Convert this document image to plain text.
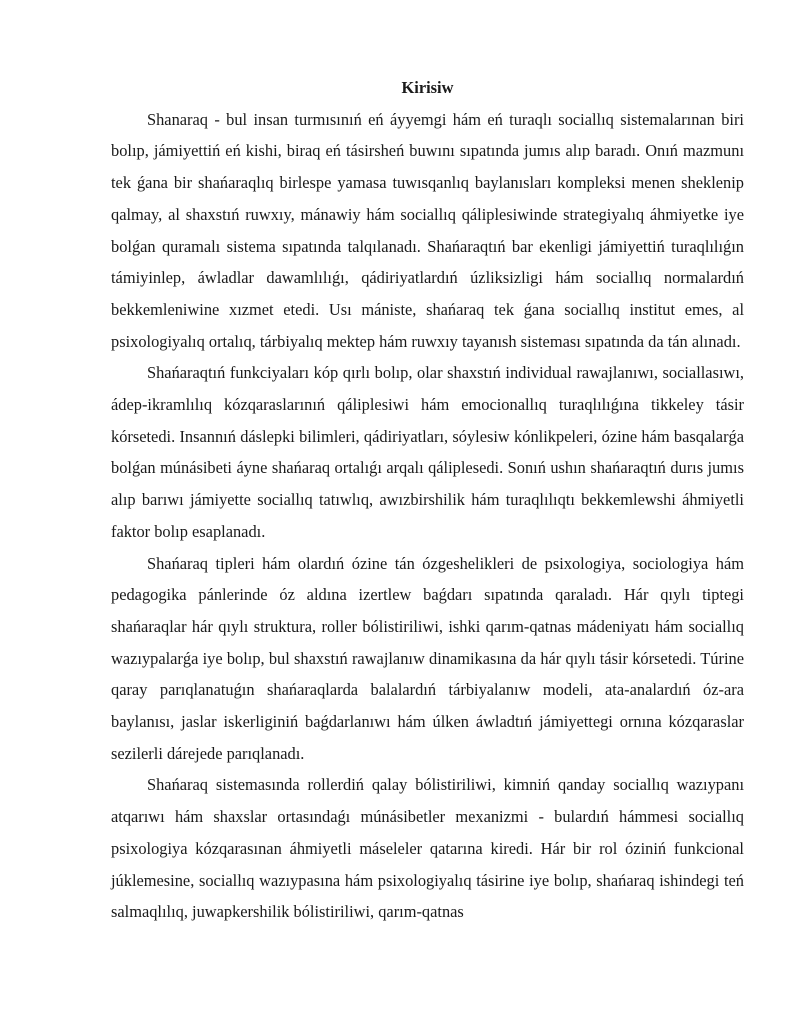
Kirisiw

Shanaraq - bul insan turmısınıń eń áyyemgi hám eń turaqlı sociallıq sistemalarınan biri bolıp, jámiyettiń eń kishi, biraq eń tásirsheń buwını sıpatında jumıs alıp baradı. Onıń mazmunı tek ǵana bir shańaraqlıq birlespe yamasa tuwısqanlıq baylanısları kompleksi menen sheklenip qalmay, al shaxstıń ruwxıy, mánawiy hám sociallıq qáliplesiwinde strategiyalıq áhmiyetke iye bolǵan quramalı sistema sıpatında talqılanadı. Shańaraqtıń bar ekenligi jámiyettiń turaqlılıǵın támiyinlep, áwladlar dawamlılıǵı, qádiriyatlardıń úzliksizligi hám sociallıq normalardıń bekkemleniwine xızmet etedi. Usı mániste, shańaraq tek ǵana sociallıq institut emes, al psixologiyalıq ortalıq, tárbiyalıq mektep hám ruwxıy tayanısh sisteması sıpatında da tán alınadı.

Shańaraqtıń funkciyaları kóp qırlı bolıp, olar shaxstıń individual rawajlanıwı, sociallasıwı, ádep-ikramlılıq kózqaraslarınıń qáliplesiwi hám emocionallıq turaqlılıǵına tikkeley tásir kórsetedi. Insannıń dáslepki bilimleri, qádiriyatları, sóylesiw kónlikpeleri, ózine hám basqalarǵa bolǵan múnásibeti áyne shańaraq ortalıǵı arqalı qáliplesedi. Sonıń ushın shańaraqtıń durıs jumıs alıp barıwı jámiyette sociallıq tatıwlıq, awızbirshilik hám turaqlılıqtı bekkemlewshi áhmiyetli faktor bolıp esaplanadı.

Shańaraq tipleri hám olardıń ózine tán ózgeshelikleri de psixologiya, sociologiya hám pedagogika pánlerinde óz aldına izertlew baǵdarı sıpatında qaraladı. Hár qıylı tiptegi shańaraqlar hár qıylı struktura, roller bólistiriliwi, ishki qarım-qatnas mádeniyatı hám sociallıq wazıypalarǵa iye bolıp, bul shaxstıń rawajlanıw dinamikasına da hár qıylı tásir kórsetedi. Túrine qaray parıqlanatuǵın shańaraqlarda balalardıń tárbiyalanıw modeli, ata-analardıń óz-ara baylanısı, jaslar iskerliginiń baǵdarlanıwı hám úlken áwladtıń jámiyettegi ornına kózqaraslar sezilerli dárejede parıqlanadı.

Shańaraq sistemasında rollerdiń qalay bólistiriliwi, kimniń qanday sociallıq wazıypanı atqarıwı hám shaxslar ortasındaǵı múnásibetler mexanizmi - bulardıń hámmesi sociallıq psixologiya kózqarasınan áhmiyetli máseleler qatarına kiredi. Hár bir rol óziniń funkcional júklemesine, sociallıq wazıypasına hám psixologiyalıq tásirine iye bolıp, shańaraq ishindegi teń salmaqlılıq, juwapkershilik bólistiriliwi, qarım-qatnas
